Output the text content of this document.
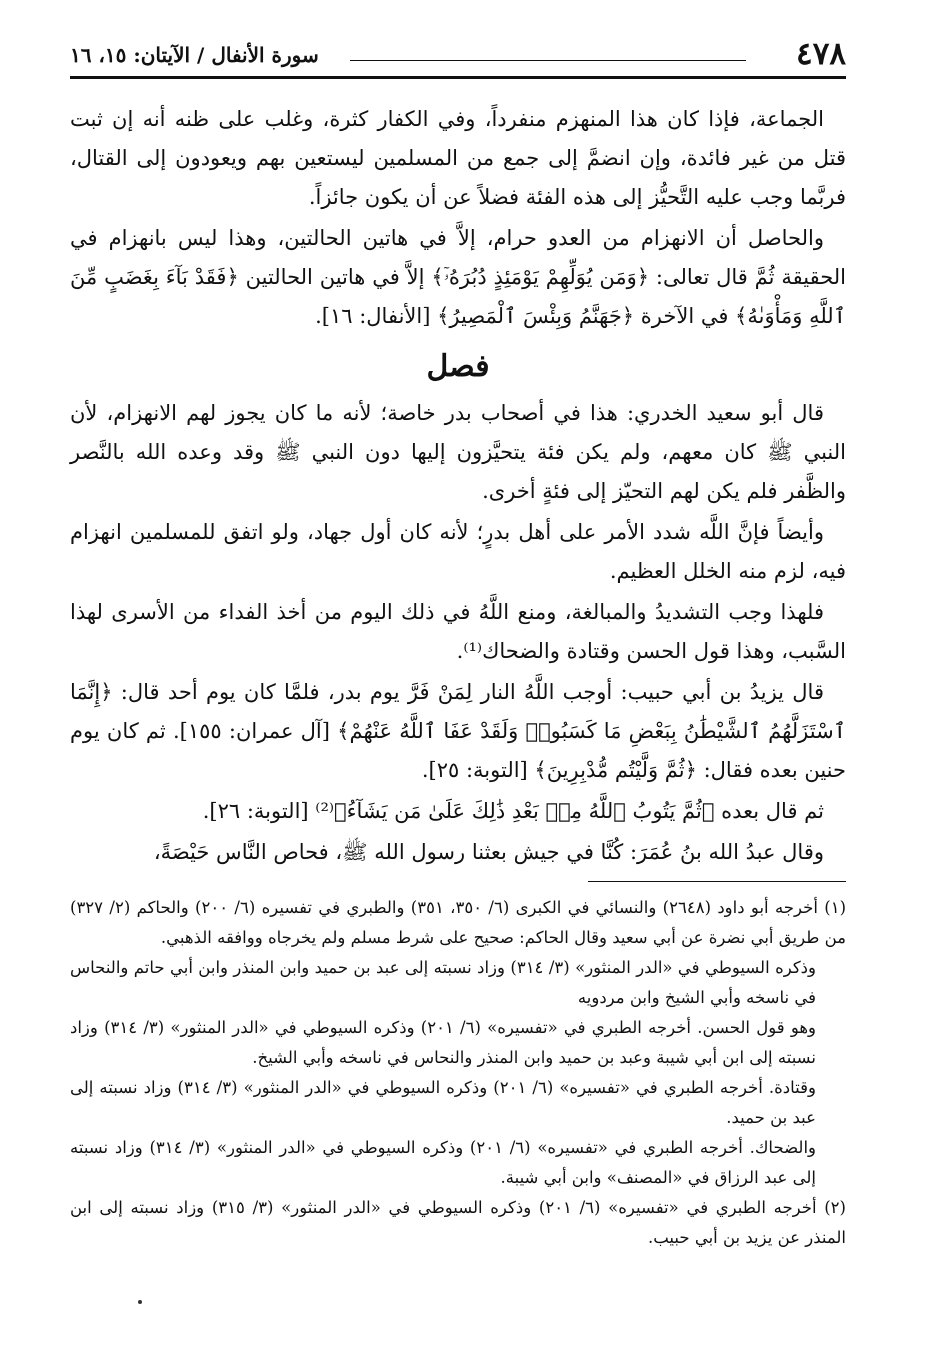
٤٧٨
سورة الأنفال / الآيتان: ١٥، ١٦

الجماعة، فإذا كان هذا المنهزم منفرداً، وفي الكفار كثرة، وغلب على ظنه أنه إن ثبت قتل من غير فائدة، وإن انضمَّ إلى جمع من المسلمين ليستعين بهم ويعودون إلى القتال، فربَّما وجب عليه التَّحيُّز إلى هذه الفئة فضلاً عن أن يكون جائزاً.

والحاصل أن الانهزام من العدو حرام، إلاَّ في هاتين الحالتين، وهذا ليس بانهزام في الحقيقة ثُمَّ قال تعالى: ﴿وَمَن يُوَلِّهِمْ يَوْمَئِذٍ دُبُرَهُۥٓ﴾ إلاَّ في هاتين الحالتين ﴿فَقَدْ بَآءَ بِغَضَبٍ مِّنَ ٱللَّهِ وَمَأْوَىٰهُ﴾ في الآخرة ﴿جَهَنَّمُ وَبِئْسَ ٱلْمَصِيرُ﴾ [الأنفال: ١٦].

فصل

قال أبو سعيد الخدري: هذا في أصحاب بدر خاصة؛ لأنه ما كان يجوز لهم الانهزام، لأن النبي ﷺ كان معهم، ولم يكن فئة يتحيَّزون إليها دون النبي ﷺ وقد وعده الله بالنَّصر والظَّفر فلم يكن لهم التحيّز إلى فئةٍ أخرى.

وأيضاً فإنَّ اللَّه شدد الأمر على أهل بدرٍ؛ لأنه كان أول جهاد، ولو اتفق للمسلمين انهزام فيه، لزم منه الخلل العظيم.

فلهذا وجب التشديدُ والمبالغة، ومنع اللَّهُ في ذلك اليوم من أخذ الفداء من الأسرى لهذا السَّبب، وهذا قول الحسن وقتادة والضحاك⁽¹⁾.

قال يزيدُ بن أبي حبيب: أوجب اللَّهُ النار لِمَنْ فَرَّ يوم بدر، فلمَّا كان يوم أحد قال: ﴿إِنَّمَا ٱسْتَزَلَّهُمُ ٱلشَّيْطَٰنُ بِبَعْضِ مَا كَسَبُوا۟ وَلَقَدْ عَفَا ٱللَّهُ عَنْهُمْ﴾ [آل عمران: ١٥٥]. ثم كان يوم حنين بعده فقال: ﴿ثُمَّ وَلَّيْتُم مُّدْبِرِينَ﴾ [التوبة: ٢٥].

ثم قال بعده ﴿ثُمَّ يَتُوبُ ٱللَّهُ مِنۢ بَعْدِ ذَٰلِكَ عَلَىٰ مَن يَشَآءُ﴾⁽²⁾ [التوبة: ٢٦].

وقال عبدُ الله بنُ عُمَرَ: كُنَّا في جيش بعثنا رسول الله ﷺ، فحاص النَّاس حَيْصَةً،

(١) أخرجه أبو داود (٢٦٤٨) والنسائي في الكبرى (٦/ ٣٥٠، ٣٥١) والطبري في تفسيره (٦/ ٢٠٠) والحاكم (٢/ ٣٢٧) من طريق أبي نضرة عن أبي سعيد وقال الحاكم: صحيح على شرط مسلم ولم يخرجاه ووافقه الذهبي.

وذكره السيوطي في «الدر المنثور» (٣/ ٣١٤) وزاد نسبته إلى عبد بن حميد وابن المنذر وابن أبي حاتم والنحاس في ناسخه وأبي الشيخ وابن مردويه

وهو قول الحسن. أخرجه الطبري في «تفسيره» (٦/ ٢٠١) وذكره السيوطي في «الدر المنثور» (٣/ ٣١٤) وزاد نسبته إلى ابن أبي شيبة وعبد بن حميد وابن المنذر والنحاس في ناسخه وأبي الشيخ.

وقتادة. أخرجه الطبري في «تفسيره» (٦/ ٢٠١) وذكره السيوطي في «الدر المنثور» (٣/ ٣١٤) وزاد نسبته إلى عبد بن حميد.

والضحاك. أخرجه الطبري في «تفسيره» (٦/ ٢٠١) وذكره السيوطي في «الدر المنثور» (٣/ ٣١٤) وزاد نسبته إلى عبد الرزاق في «المصنف» وابن أبي شيبة.

(٢) أخرجه الطبري في «تفسيره» (٦/ ٢٠١) وذكره السيوطي في «الدر المنثور» (٣/ ٣١٥) وزاد نسبته إلى ابن المنذر عن يزيد بن أبي حبيب.
